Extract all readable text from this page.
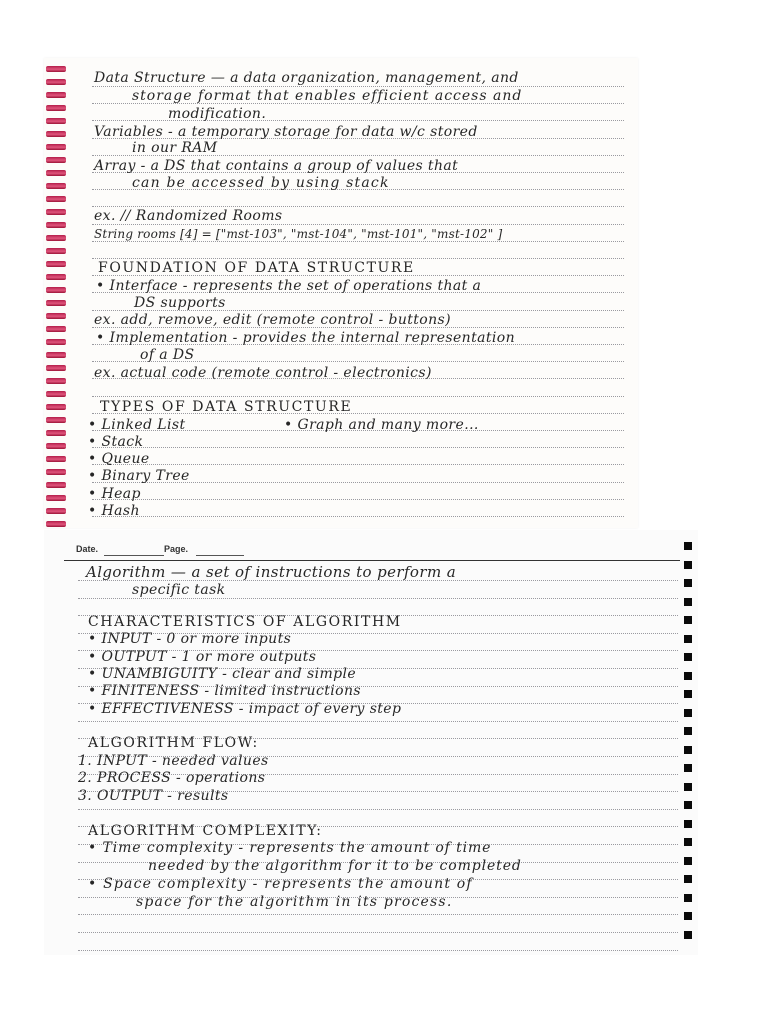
Data Structure — a data organization, management, and
storage format that enables efficient access and
modification.
Variables - a temporary storage for data w/c stored
in our RAM
Array - a DS that contains a group of values that
can be accessed by using stack
ex. // Randomized Rooms
String rooms [4] = ["mst-103", "mst-104", "mst-101", "mst-102" ]
FOUNDATION OF DATA STRUCTURE
• Interface - represents the set of operations that a
DS supports
ex. add, remove, edit (remote control - buttons)
• Implementation - provides the internal representation
of a DS
ex. actual code (remote control - electronics)
TYPES OF DATA STRUCTURE
• Linked List	• Graph and many more...
• Stack
• Queue
• Binary Tree
• Heap
• Hash
Date.	Page.
Algorithm — a set of instructions to perform a
specific task
CHARACTERISTICS OF ALGORITHM
• INPUT - 0 or more inputs
• OUTPUT - 1 or more outputs
• UNAMBIGUITY - clear and simple
• FINITENESS - limited instructions
• EFFECTIVENESS - impact of every step
ALGORITHM FLOW:
1. INPUT - needed values
2. PROCESS - operations
3. OUTPUT - results
ALGORITHM COMPLEXITY:
• Time complexity - represents the amount of time
needed by the algorithm for it to be completed
• Space complexity - represents the amount of
space for the algorithm in its process.
